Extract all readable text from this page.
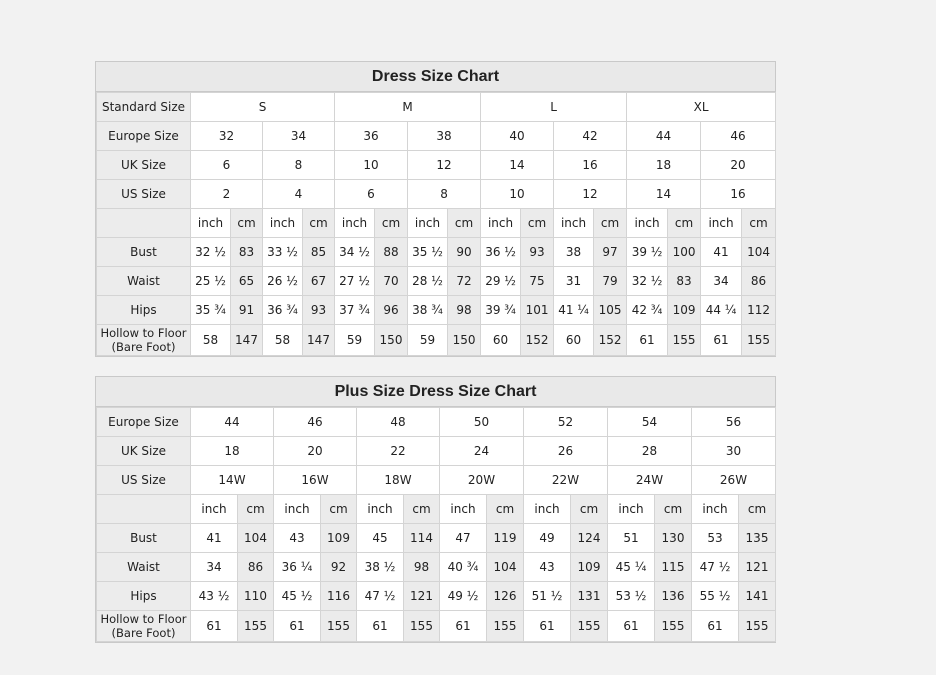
Dress Size Chart
Standard Size	S				M				L				XL			
Europe Size	32		34		36		38		40		42		44		46	
UK Size	6		8		10		12		14		16		18		20	
US Size	2		4		6		8		10		12		14		16	
	inch	cm	inch	cm	inch	cm	inch	cm	inch	cm	inch	cm	inch	cm	inch	cm
Bust	32 ½	83	33 ½	85	34 ½	88	35 ½	90	36 ½	93	38	97	39 ½	100	41	104
Waist	25 ½	65	26 ½	67	27 ½	70	28 ½	72	29 ½	75	31	79	32 ½	83	34	86
Hips	35 ¾	91	36 ¾	93	37 ¾	96	38 ¾	98	39 ¾	101	41 ¼	105	42 ¾	109	44 ¼	112
Hollow to Floor (Bare Foot)	58	147	58	147	59	150	59	150	60	152	60	152	61	155	61	155
Plus Size Dress Size Chart
Europe Size	44		46		48		50		52		54		56	
UK Size	18		20		22		24		26		28		30	
US Size	14W		16W		18W		20W		22W		24W		26W	
	inch	cm	inch	cm	inch	cm	inch	cm	inch	cm	inch	cm	inch	cm
Bust	41	104	43	109	45	114	47	119	49	124	51	130	53	135
Waist	34	86	36 ¼	92	38 ½	98	40 ¾	104	43	109	45 ¼	115	47 ½	121
Hips	43 ½	110	45 ½	116	47 ½	121	49 ½	126	51 ½	131	53 ½	136	55 ½	141
Hollow to Floor (Bare Foot)	61	155	61	155	61	155	61	155	61	155	61	155	61	155
